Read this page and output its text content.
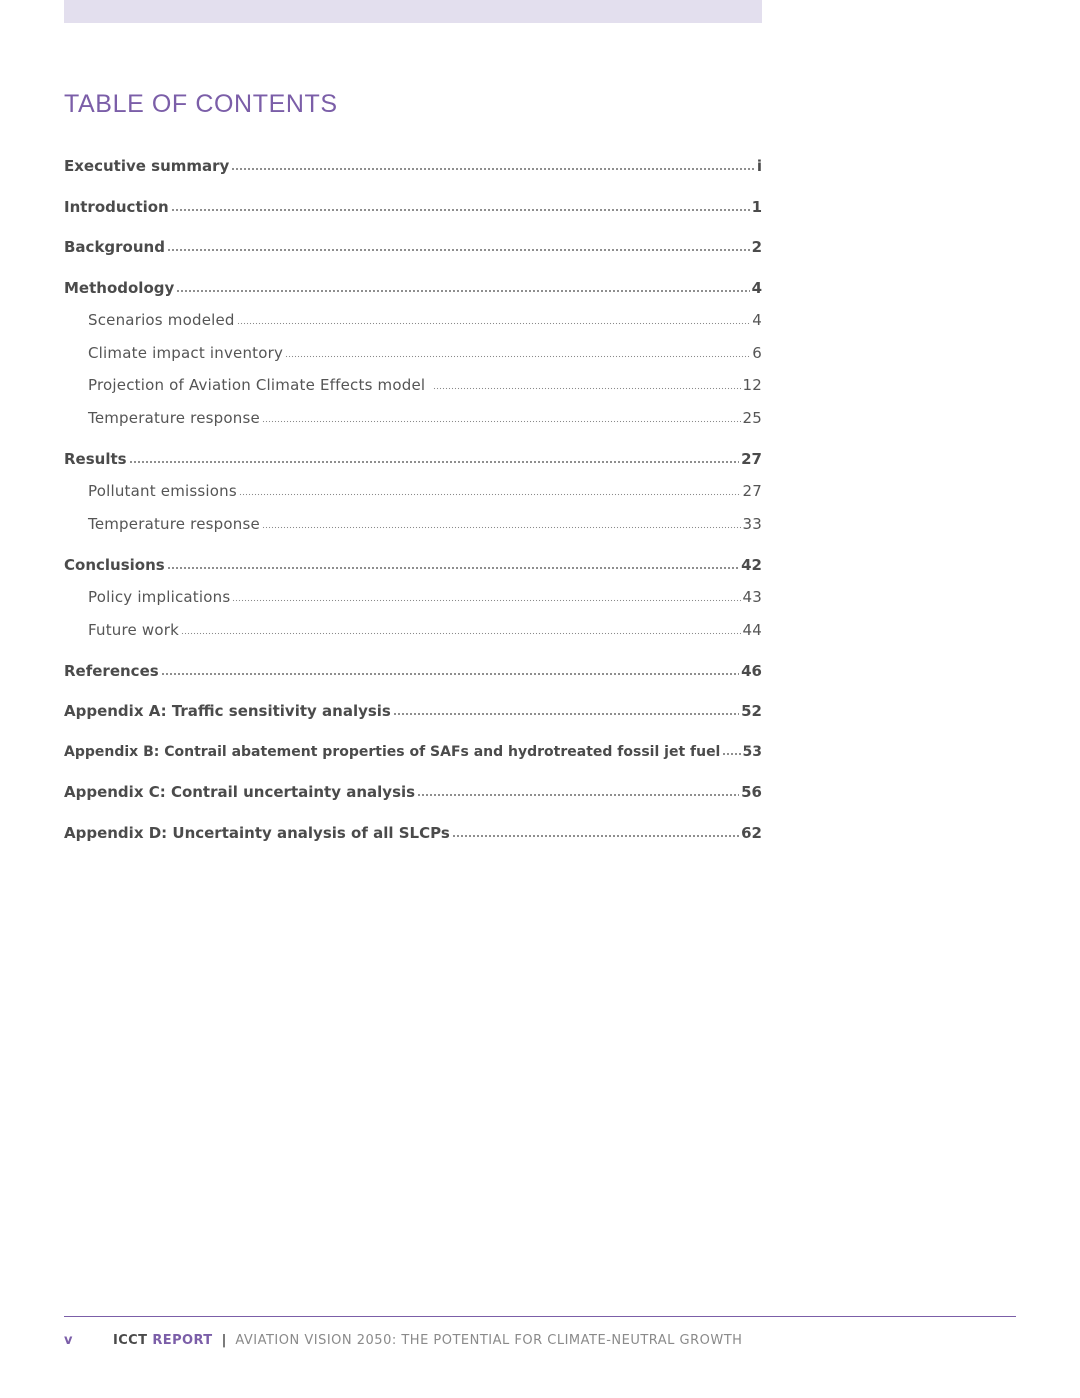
TABLE OF CONTENTS
Executive summary	i
Introduction	1
Background	2
Methodology	4
Scenarios modeled	4
Climate impact inventory	6
Projection of Aviation Climate Effects model	12
Temperature response	25
Results	27
Pollutant emissions	27
Temperature response	33
Conclusions	42
Policy implications	43
Future work	44
References	46
Appendix A: Traffic sensitivity analysis	52
Appendix B: Contrail abatement properties of SAFs and hydrotreated fossil jet fuel 53
Appendix C: Contrail uncertainty analysis	56
Appendix D: Uncertainty analysis of all SLCPs	62
v	ICCT REPORT | AVIATION VISION 2050: THE POTENTIAL FOR CLIMATE-NEUTRAL GROWTH
